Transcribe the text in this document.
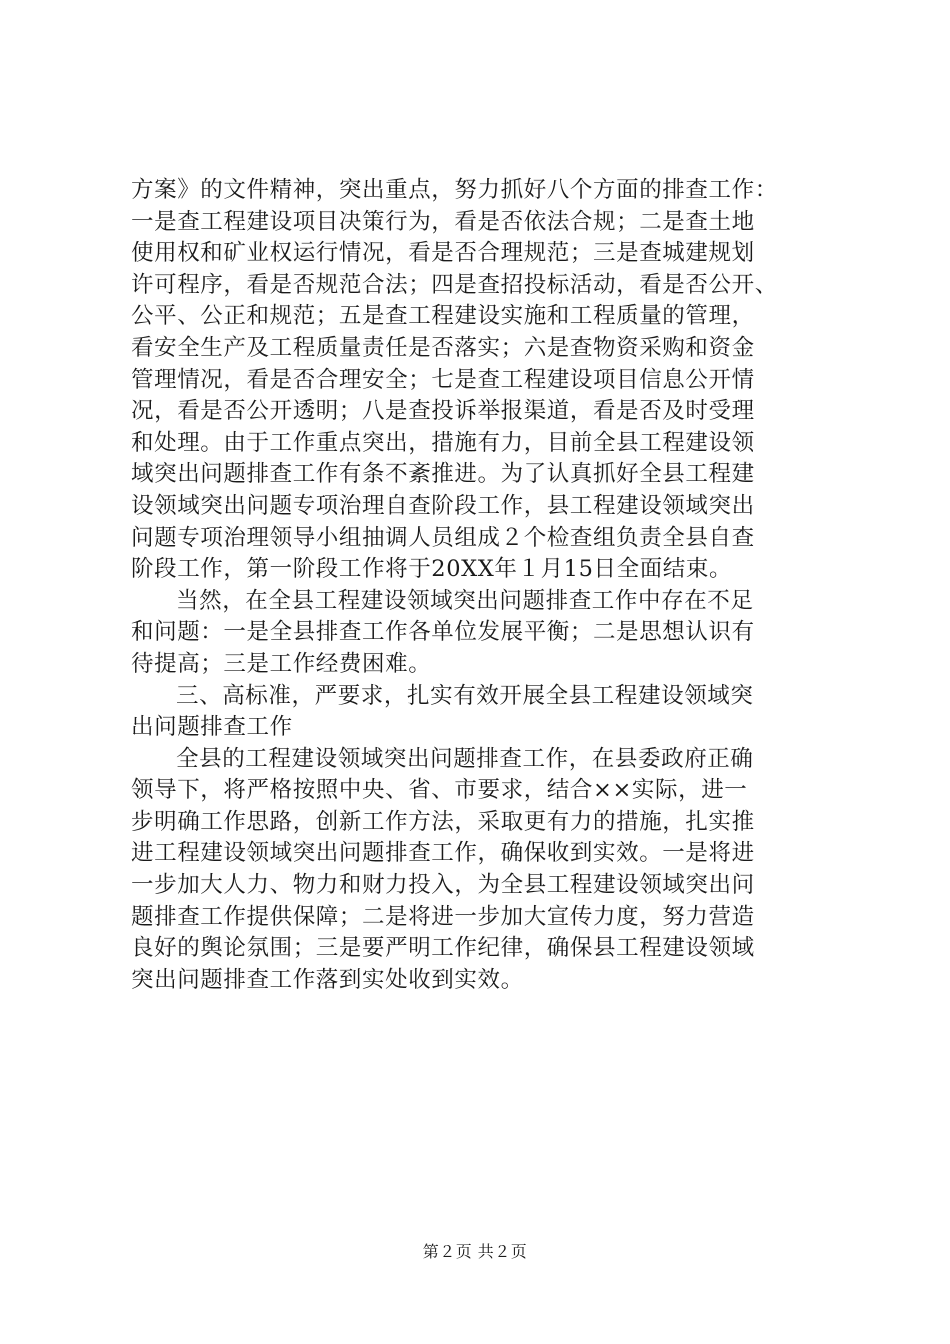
方案》的文件精神，突出重点，努力抓好八个方面的排查工作：
一是查工程建设项目决策行为，看是否依法合规；二是查土地
使用权和矿业权运行情况，看是否合理规范；三是查城建规划
许可程序，看是否规范合法；四是查招投标活动，看是否公开、
公平、公正和规范；五是查工程建设实施和工程质量的管理，
看安全生产及工程质量责任是否落实；六是查物资采购和资金
管理情况，看是否合理安全；七是查工程建设项目信息公开情
况，看是否公开透明；八是查投诉举报渠道，看是否及时受理
和处理。由于工作重点突出，措施有力，目前全县工程建设领
域突出问题排查工作有条不紊推进。为了认真抓好全县工程建
设领域突出问题专项治理自查阶段工作，县工程建设领域突出
问题专项治理领导小组抽调人员组成２个检查组负责全县自查
阶段工作，第一阶段工作将于20XX年１月15日全面结束。
当然，在全县工程建设领域突出问题排查工作中存在不足
和问题：一是全县排查工作各单位发展平衡；二是思想认识有
待提高；三是工作经费困难。
三、高标准，严要求，扎实有效开展全县工程建设领域突
出问题排查工作
全县的工程建设领域突出问题排查工作，在县委政府正确
领导下，将严格按照中央、省、市要求，结合××实际，进一
步明确工作思路，创新工作方法，采取更有力的措施，扎实推
进工程建设领域突出问题排查工作，确保收到实效。一是将进
一步加大人力、物力和财力投入，为全县工程建设领域突出问
题排查工作提供保障；二是将进一步加大宣传力度，努力营造
良好的舆论氛围；三是要严明工作纪律，确保县工程建设领域
突出问题排查工作落到实处收到实效。
第２页 共２页
